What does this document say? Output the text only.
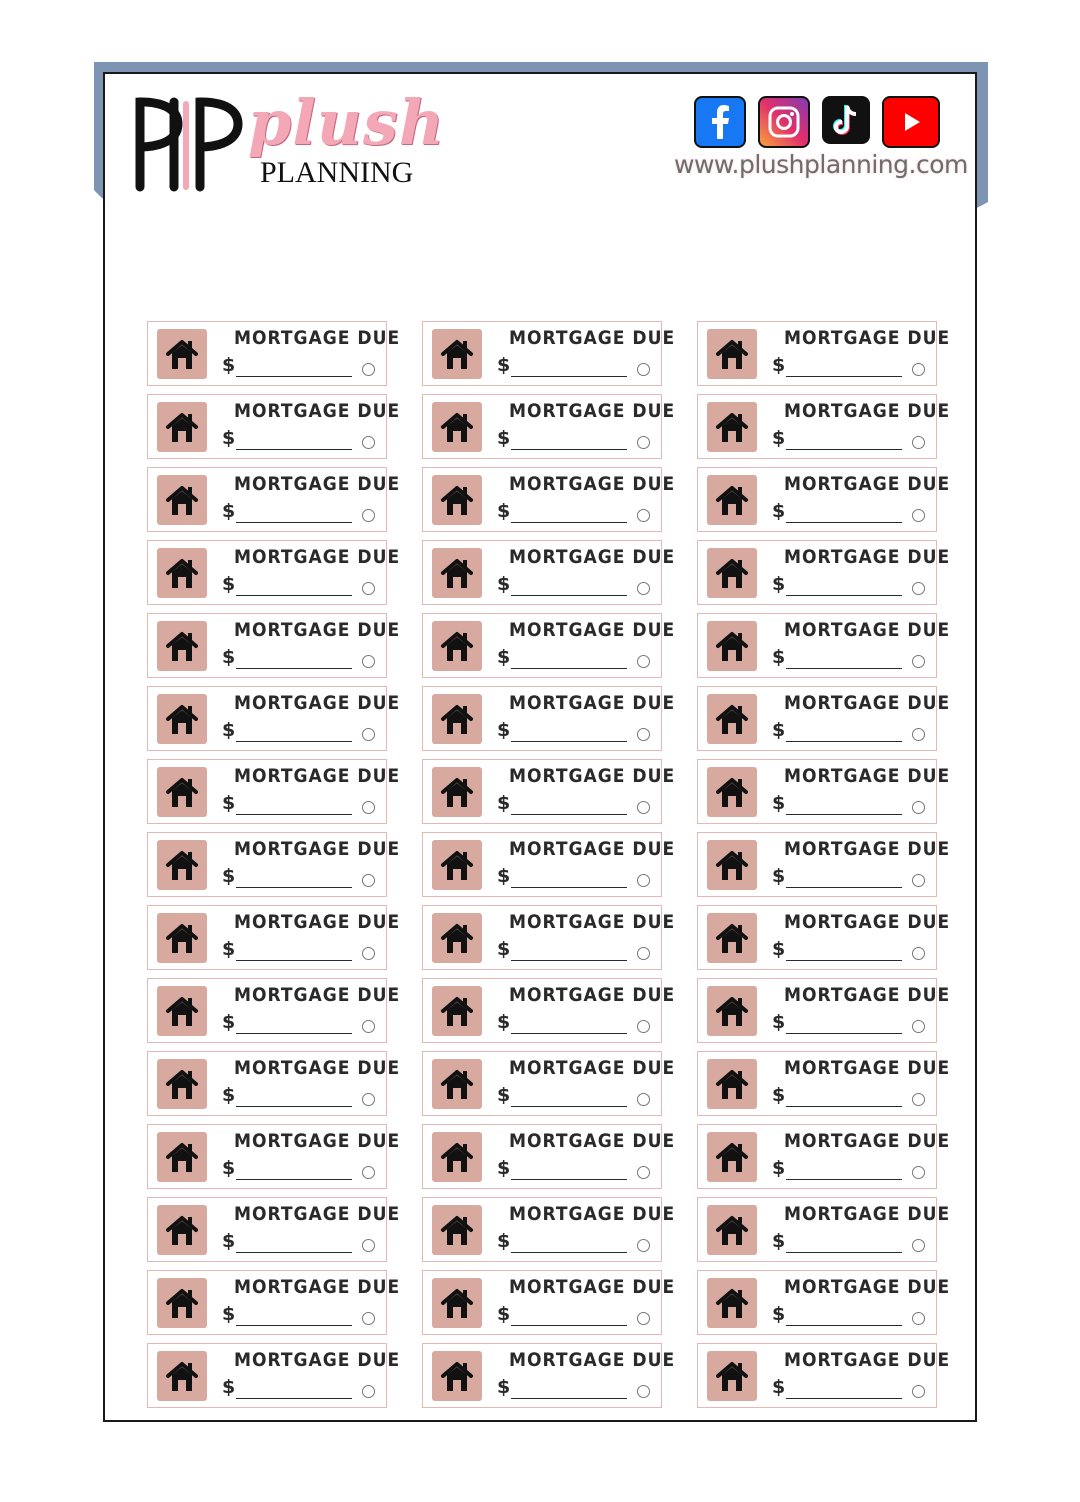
plush
PLANNING	www.plushplanning.com
MORTGAGE DUE
$
MORTGAGE DUE
$
MORTGAGE DUE
$
MORTGAGE DUE
$
MORTGAGE DUE
$
MORTGAGE DUE
$
MORTGAGE DUE
$
MORTGAGE DUE
$
MORTGAGE DUE
$
MORTGAGE DUE
$
MORTGAGE DUE
$
MORTGAGE DUE
$
MORTGAGE DUE
$
MORTGAGE DUE
$
MORTGAGE DUE
$
MORTGAGE DUE
$
MORTGAGE DUE
$
MORTGAGE DUE
$
MORTGAGE DUE
$
MORTGAGE DUE
$
MORTGAGE DUE
$
MORTGAGE DUE
$
MORTGAGE DUE
$
MORTGAGE DUE
$
MORTGAGE DUE
$
MORTGAGE DUE
$
MORTGAGE DUE
$
MORTGAGE DUE
$
MORTGAGE DUE
$
MORTGAGE DUE
$
MORTGAGE DUE
$
MORTGAGE DUE
$
MORTGAGE DUE
$
MORTGAGE DUE
$
MORTGAGE DUE
$
MORTGAGE DUE
$
MORTGAGE DUE
$
MORTGAGE DUE
$
MORTGAGE DUE
$
MORTGAGE DUE
$
MORTGAGE DUE
$
MORTGAGE DUE
$
MORTGAGE DUE
$
MORTGAGE DUE
$
MORTGAGE DUE
$
